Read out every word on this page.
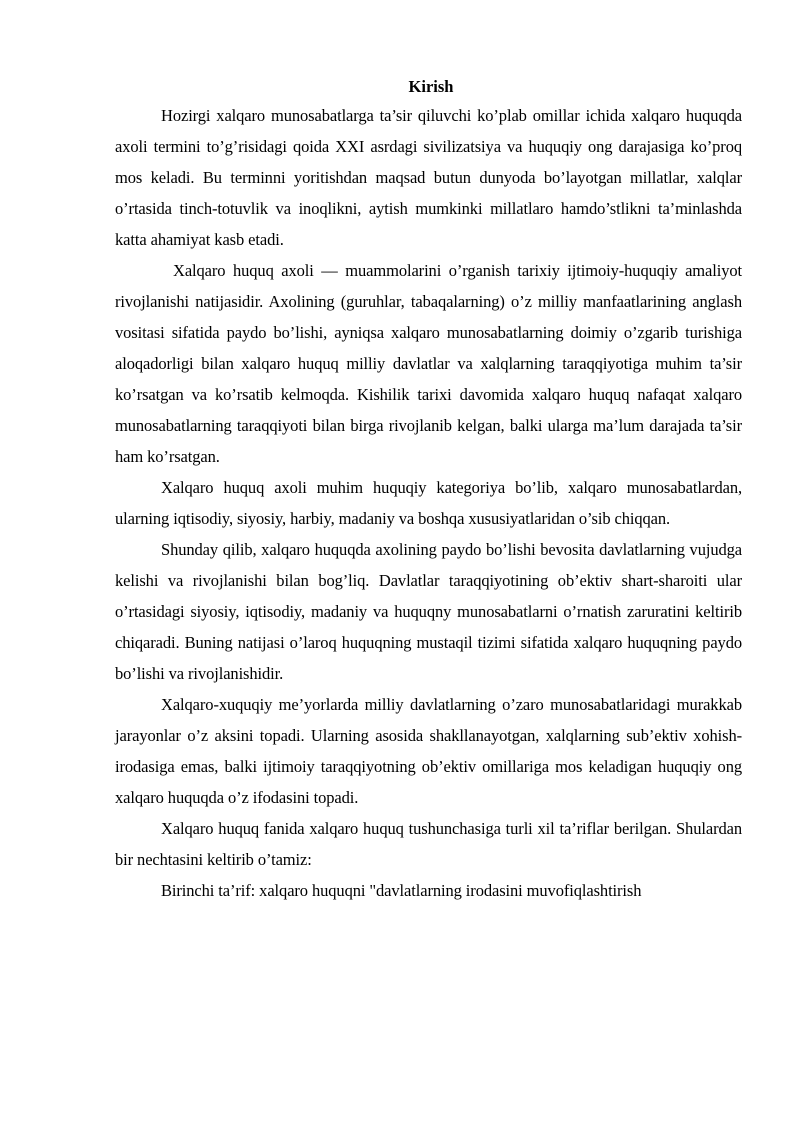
Kirish

Hozirgi xalqaro munosabatlarga ta’sir qiluvchi ko’plab omillar ichida xalqaro huquqda axoli termini to’g’risidagi qoida XXI asrdagi sivilizatsiya va huquqiy ong darajasiga ko’proq mos keladi. Bu terminni yoritishdan maqsad butun dunyoda bo’layotgan millatlar, xalqlar o’rtasida tinch-totuvlik va inoqlikni, aytish mumkinki millatlaro hamdo’stlikni ta’minlashda katta ahamiyat kasb etadi.

Xalqaro huquq axoli — muammolarini o’rganish tarixiy ijtimoiy-huquqiy amaliyot rivojlanishi natijasidir. Axolining (guruhlar, tabaqalarning) o’z milliy manfaatlarining anglash vositasi sifatida paydo bo’lishi, ayniqsa xalqaro munosabatlarning doimiy o’zgarib turishiga aloqadorligi bilan xalqaro huquq milliy davlatlar va xalqlarning taraqqiyotiga muhim ta’sir ko’rsatgan va ko’rsatib kelmoqda. Kishilik tarixi davomida xalqaro huquq nafaqat xalqaro munosabatlarning taraqqiyoti bilan birga rivojlanib kelgan, balki ularga ma’lum darajada ta’sir ham ko’rsatgan.

Xalqaro huquq axoli muhim huquqiy kategoriya bo’lib, xalqaro munosabatlardan, ularning iqtisodiy, siyosiy, harbiy, madaniy va boshqa xususiyatlaridan o’sib chiqqan.

Shunday qilib, xalqaro huquqda axolining paydo bo’lishi bevosita davlatlarning vujudga kelishi va rivojlanishi bilan bog’liq. Davlatlar taraqqiyotining ob’ektiv shart-sharoiti ular o’rtasidagi siyosiy, iqtisodiy, madaniy va huquqny munosabatlarni o’rnatish zaruratini keltirib chiqaradi. Buning natijasi o’laroq huquqning mustaqil tizimi sifatida xalqaro huquqning paydo bo’lishi va rivojlanishidir.

Xalqaro-xuquqiy me’yorlarda milliy davlatlarning o’zaro munosabatlaridagi murakkab jarayonlar o’z aksini topadi. Ularning asosida shakllanayotgan, xalqlarning sub’ektiv xohish-irodasiga emas, balki ijtimoiy taraqqiyotning ob’ektiv omillariga mos keladigan huquqiy ong xalqaro huquqda o’z ifodasini topadi.

Xalqaro huquq fanida xalqaro huquq tushunchasiga turli xil ta’riflar berilgan. Shulardan bir nechtasini keltirib o’tamiz:

Birinchi ta’rif: xalqaro huquqni "davlatlarning irodasini muvofiqlashtirish
